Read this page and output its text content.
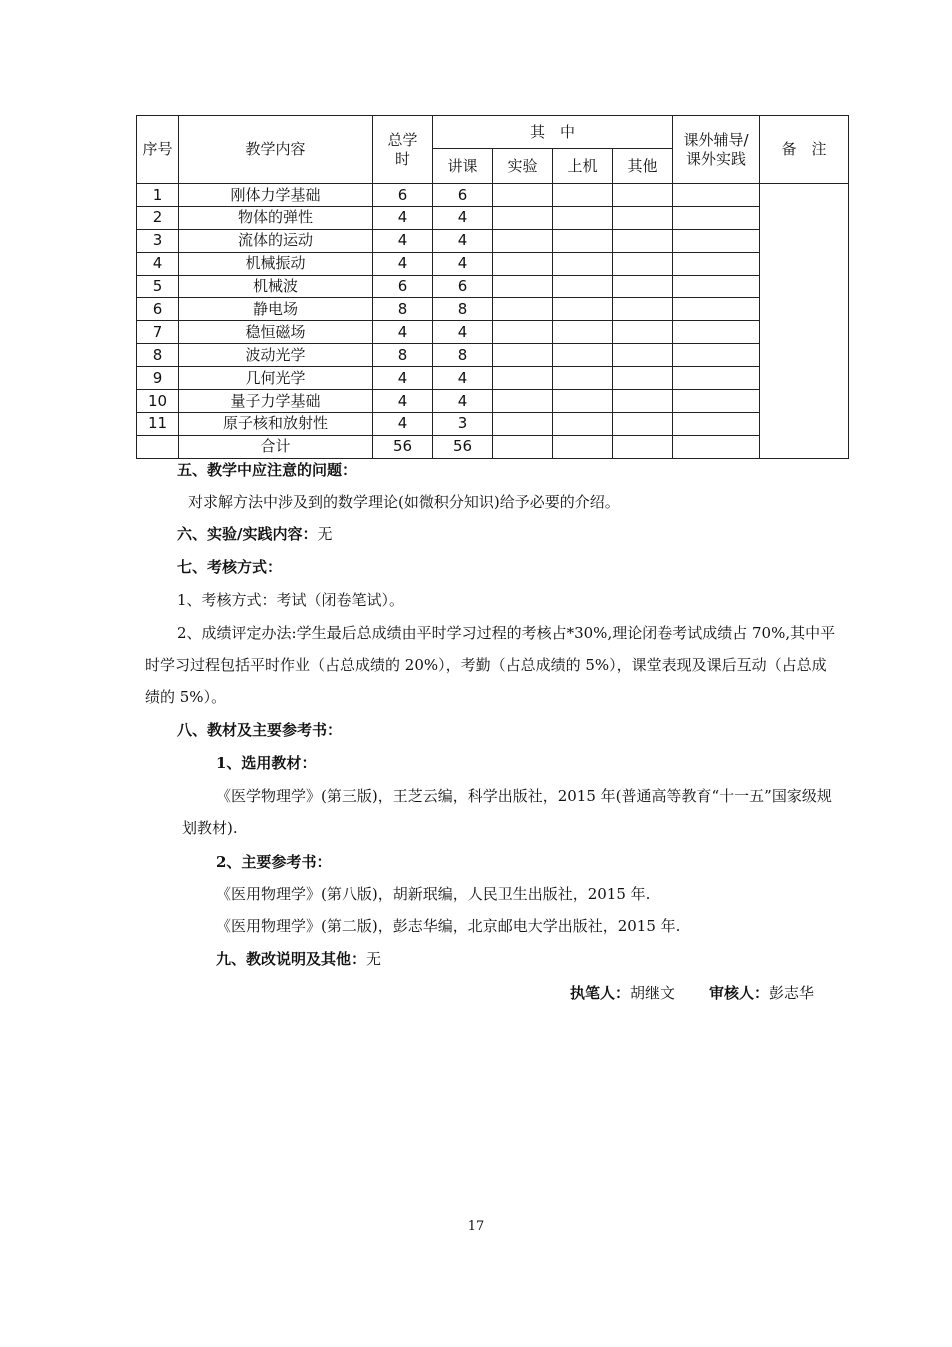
序号	教学内容	总学时	其　中				课外辅导/课外实践	备　注
			讲课	实验	上机	其他		
1	刚体力学基础	6	6					
2	物体的弹性	4	4					
3	流体的运动	4	4					
4	机械振动	4	4					
5	机械波	6	6					
6	静电场	8	8					
7	稳恒磁场	4	4					
8	波动光学	8	8					
9	几何光学	4	4					
10	量子力学基础	4	4					
11	原子核和放射性	4	3					
	合计	56	56					
五、教学中应注意的问题：
对求解方法中涉及到的数学理论(如微积分知识)给予必要的介绍。
六、实验/实践内容：无
七、考核方式：
1、考核方式：考试（闭卷笔试）。
2、成绩评定办法:学生最后总成绩由平时学习过程的考核占*30%,理论闭卷考试成绩占 70%,其中平时学习过程包括平时作业（占总成绩的 20%），考勤（占总成绩的 5%），课堂表现及课后互动（占总成绩的 5%）。
八、教材及主要参考书：
1、选用教材：
《医学物理学》(第三版)，王芝云编，科学出版社，2015 年(普通高等教育“十一五”国家级规划教材).
2、主要参考书：
《医用物理学》(第八版)，胡新珉编，人民卫生出版社，2015 年.
《医用物理学》(第二版)，彭志华编，北京邮电大学出版社，2015 年.
九、教改说明及其他：无
执笔人：胡继文 审核人：彭志华
17
